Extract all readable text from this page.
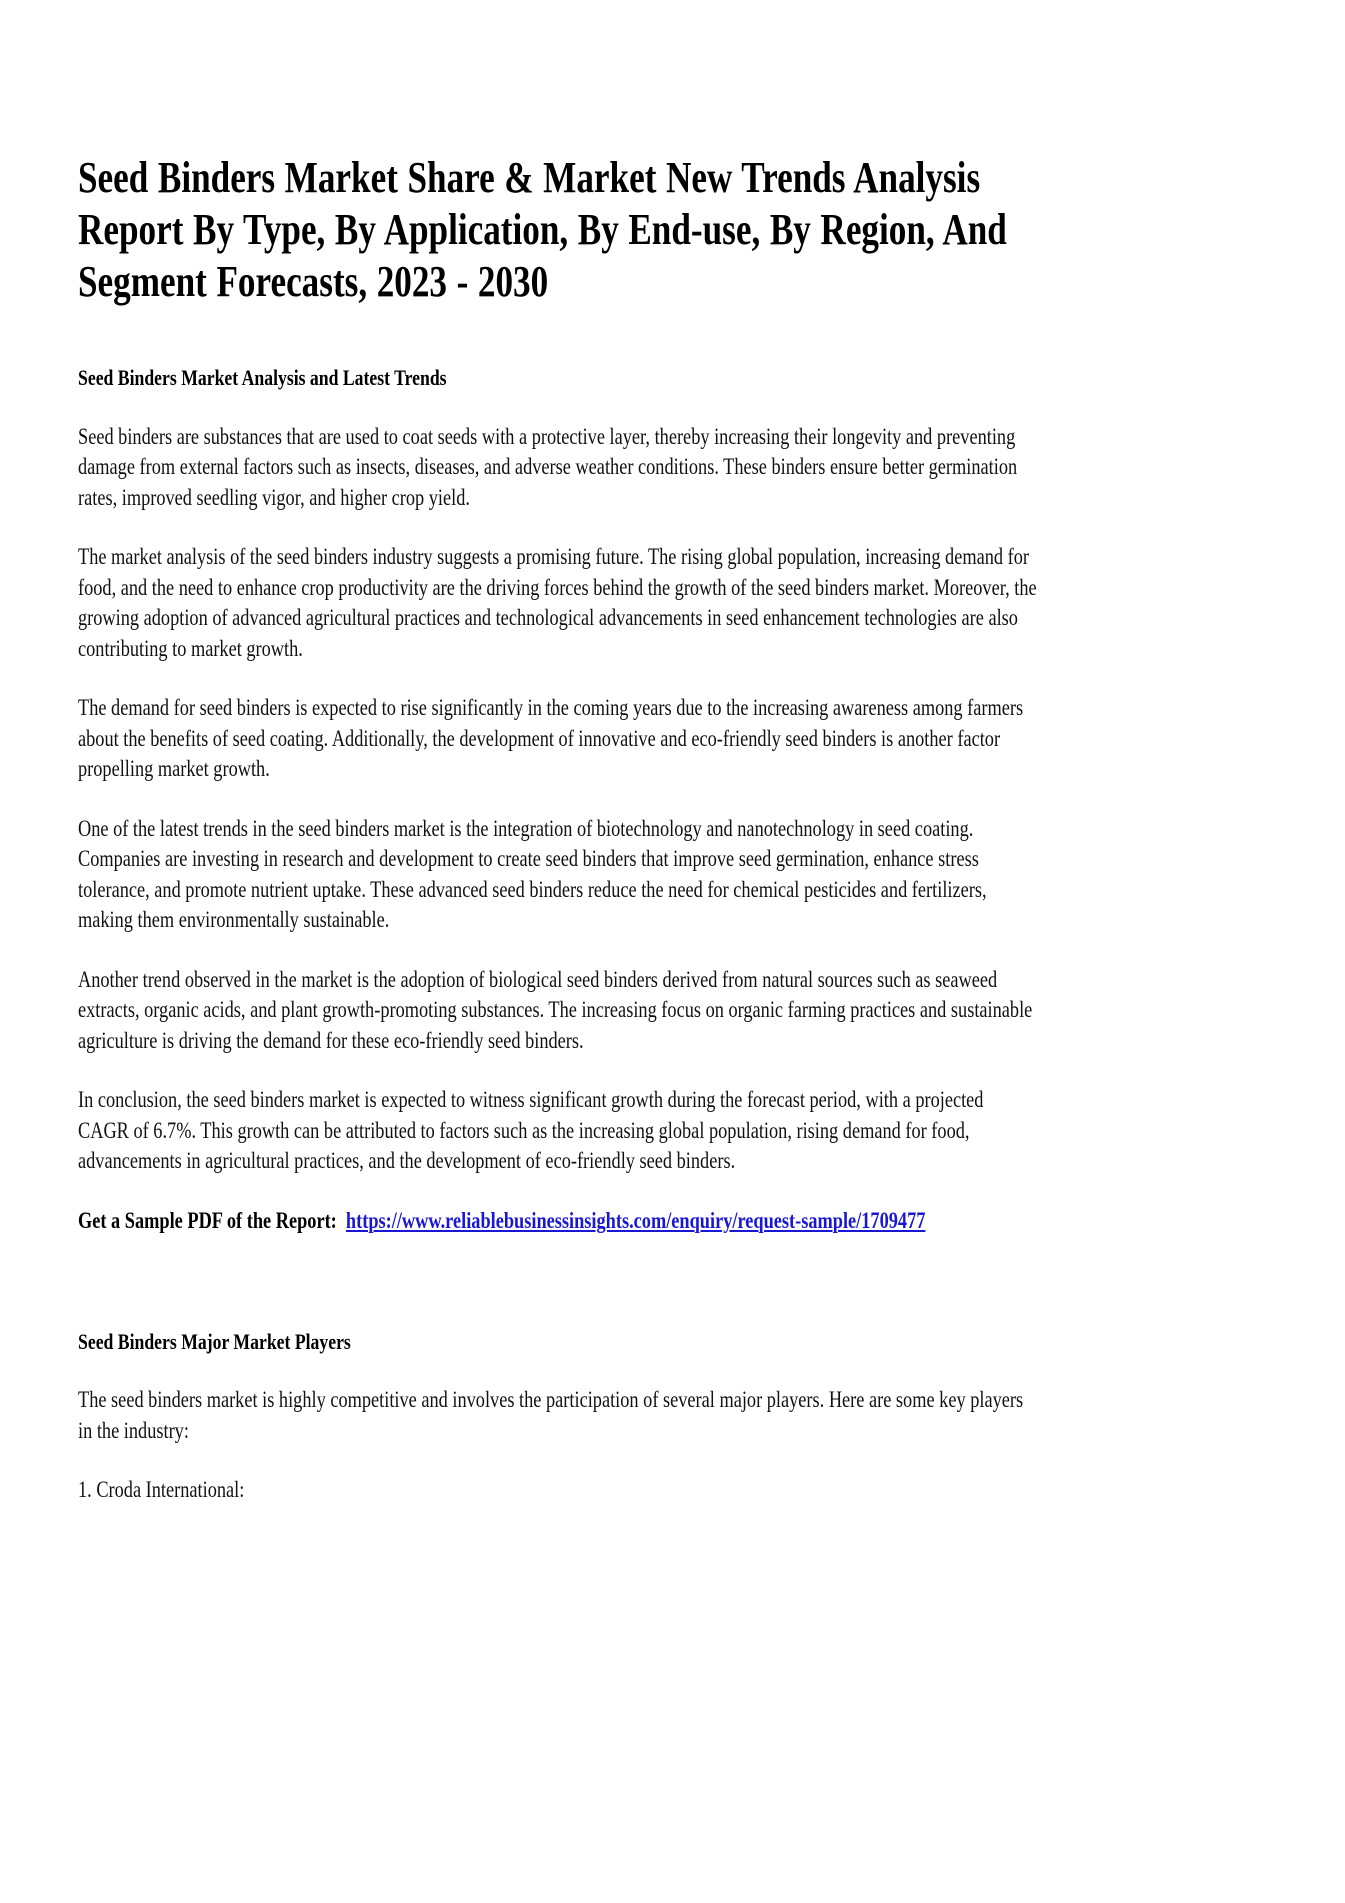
Seed Binders Market Share & Market New Trends Analysis Report By Type, By Application, By End-use, By Region, And Segment Forecasts, 2023 - 2030
Seed Binders Market Analysis and Latest Trends

Seed binders are substances that are used to coat seeds with a protective layer, thereby increasing their longevity and preventing damage from external factors such as insects, diseases, and adverse weather conditions. These binders ensure better germination rates, improved seedling vigor, and higher crop yield.

The market analysis of the seed binders industry suggests a promising future. The rising global population, increasing demand for food, and the need to enhance crop productivity are the driving forces behind the growth of the seed binders market. Moreover, the growing adoption of advanced agricultural practices and technological advancements in seed enhancement technologies are also contributing to market growth.

The demand for seed binders is expected to rise significantly in the coming years due to the increasing awareness among farmers about the benefits of seed coating. Additionally, the development of innovative and eco-friendly seed binders is another factor propelling market growth.

One of the latest trends in the seed binders market is the integration of biotechnology and nanotechnology in seed coating. Companies are investing in research and development to create seed binders that improve seed germination, enhance stress tolerance, and promote nutrient uptake. These advanced seed binders reduce the need for chemical pesticides and fertilizers, making them environmentally sustainable.

Another trend observed in the market is the adoption of biological seed binders derived from natural sources such as seaweed extracts, organic acids, and plant growth-promoting substances. The increasing focus on organic farming practices and sustainable agriculture is driving the demand for these eco-friendly seed binders.

In conclusion, the seed binders market is expected to witness significant growth during the forecast period, with a projected CAGR of 6.7%. This growth can be attributed to factors such as the increasing global population, rising demand for food, advancements in agricultural practices, and the development of eco-friendly seed binders.

Get a Sample PDF of the Report: https://www.reliablebusinessinsights.com/enquiry/request-sample/1709477

Seed Binders Major Market Players

The seed binders market is highly competitive and involves the participation of several major players. Here are some key players in the industry:

1. Croda International:
